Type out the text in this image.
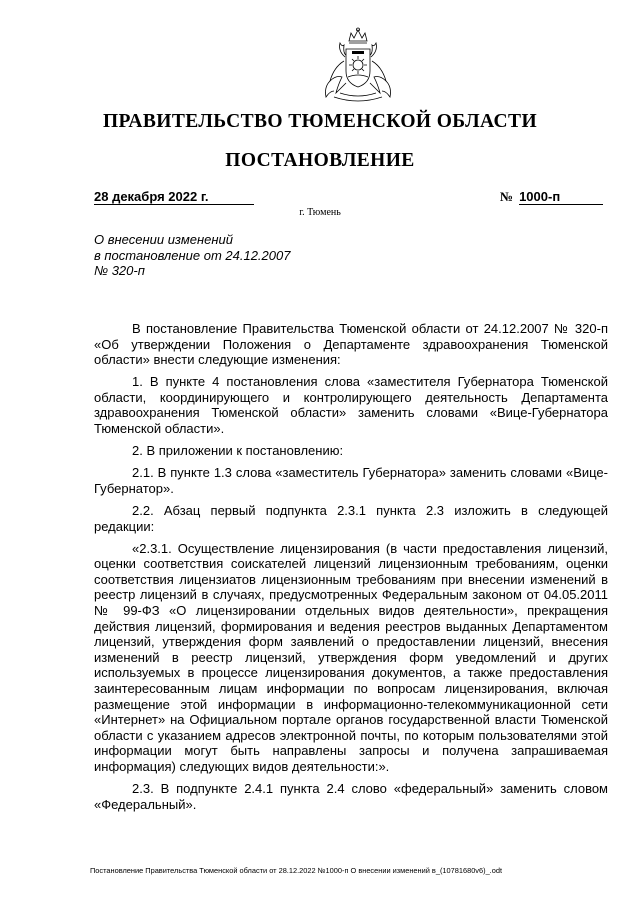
ПРАВИТЕЛЬСТВО ТЮМЕНСКОЙ ОБЛАСТИ
ПОСТАНОВЛЕНИЕ
28 декабря 2022 г.	№ 1000-п
г. Тюмень
О внесении изменений
в постановление от 24.12.2007
№ 320-п

В постановление Правительства Тюменской области от 24.12.2007 № 320-п «Об утверждении Положения о Департаменте здравоохранения Тюменской области» внести следующие изменения:

1. В пункте 4 постановления слова «заместителя Губернатора Тюменской области, координирующего и контролирующего деятельность Департамента здравоохранения Тюменской области» заменить словами «Вице-Губернатора Тюменской области».

2. В приложении к постановлению:

2.1. В пункте 1.3 слова «заместитель Губернатора» заменить словами «Вице-Губернатор».

2.2. Абзац первый подпункта 2.3.1 пункта 2.3 изложить в следующей редакции:

«2.3.1. Осуществление лицензирования (в части предоставления лицензий, оценки соответствия соискателей лицензий лицензионным требованиям, оценки соответствия лицензиатов лицензионным требованиям при внесении изменений в реестр лицензий в случаях, предусмотренных Федеральным законом от 04.05.2011 № 99-ФЗ «О лицензировании отдельных видов деятельности», прекращения действия лицензий, формирования и ведения реестров выданных Департаментом лицензий, утверждения форм заявлений о предоставлении лицензий, внесения изменений в реестр лицензий, утверждения форм уведомлений и других используемых в процессе лицензирования документов, а также предоставления заинтересованным лицам информации по вопросам лицензирования, включая размещение этой информации в информационно-телекоммуникационной сети «Интернет» на Официальном портале органов государственной власти Тюменской области с указанием адресов электронной почты, по которым пользователями этой информации могут быть направлены запросы и получена запрашиваемая информация) следующих видов деятельности:».

2.3. В подпункте 2.4.1 пункта 2.4 слово «федеральный» заменить словом «Федеральный».

Постановление Правительства Тюменской области от 28.12.2022 №1000-п О внесении изменений в_(10781680v6)_.odt
